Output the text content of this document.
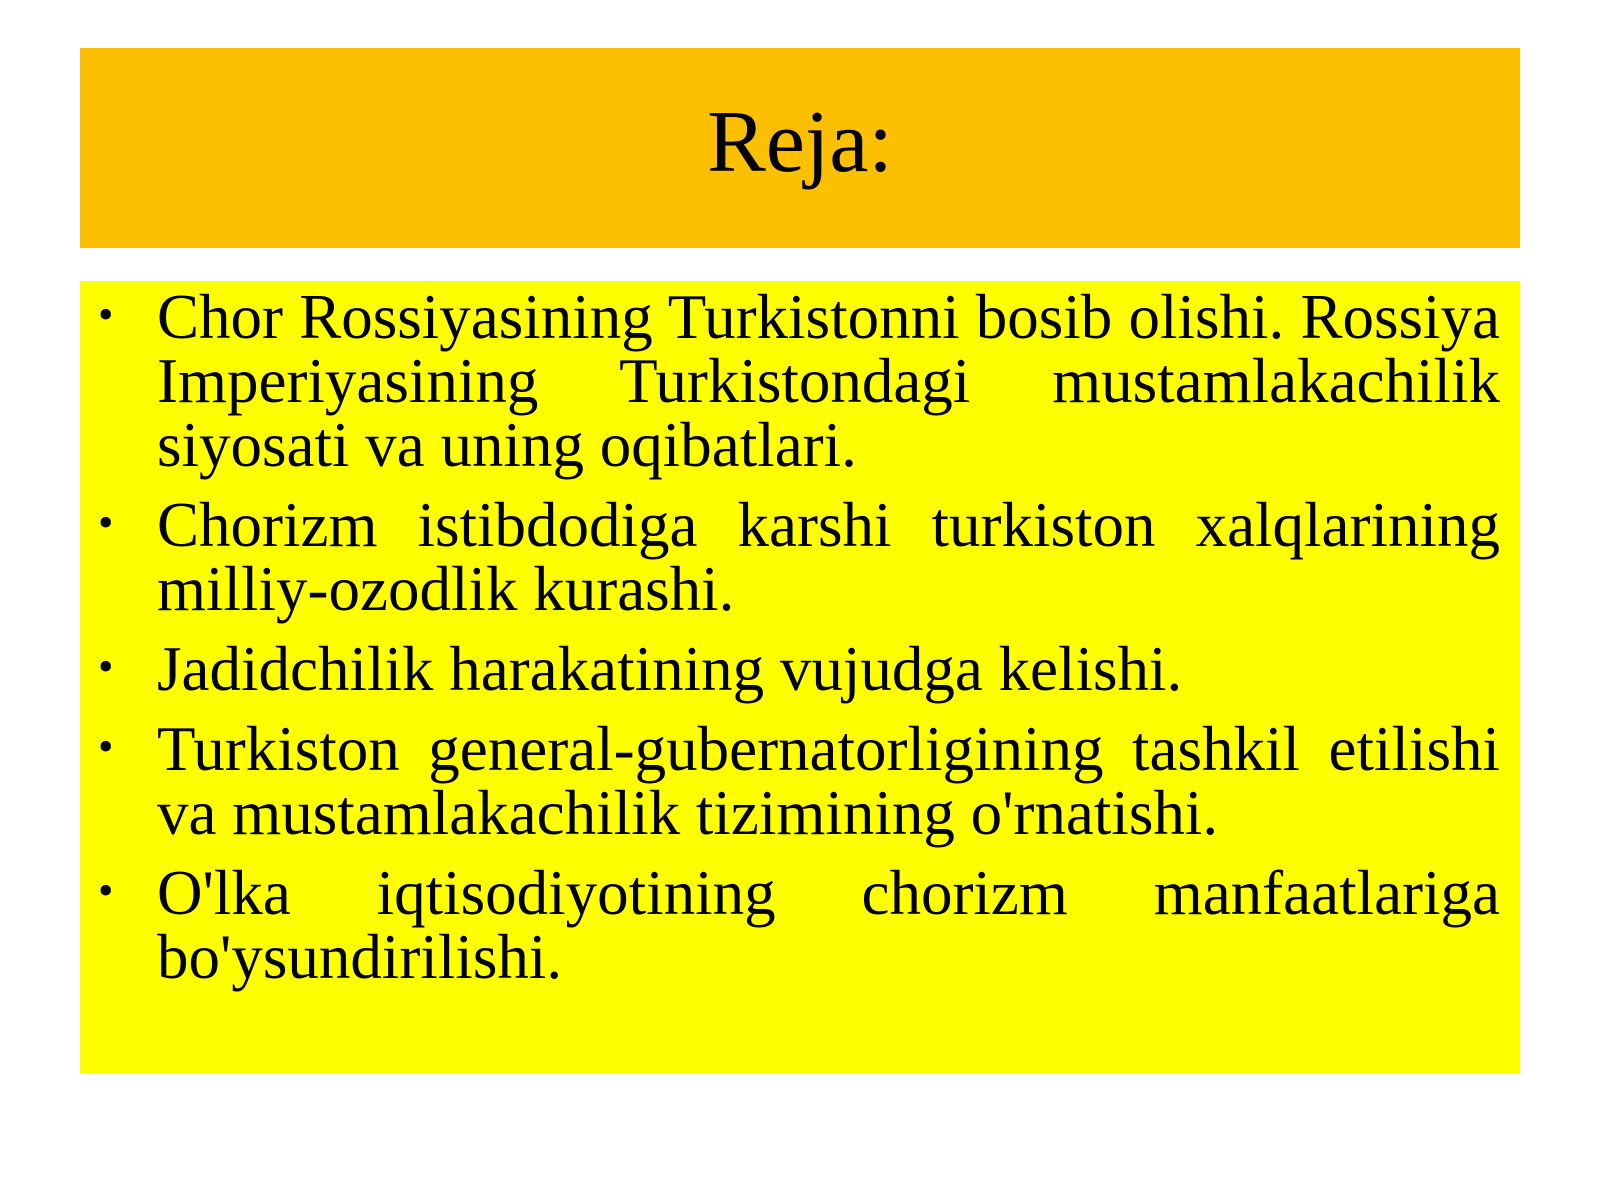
Reja:
• Chor Rossiyasining Turkistonni bosib olishi. Rossiya Imperiyasining Turkistondagi mustamlakachilik siyosati va uning oqibatlari.
• Chorizm istibdodiga karshi turkiston xalqlarining milliy-ozodlik kurashi.
• Jadidchilik harakatining vujudga kelishi.
• Turkiston general-gubernatorligining tashkil etilishi va mustamlakachilik tizimining o'rnatishi.
• O'lka iqtisodiyotining chorizm manfaatlariga bo'ysundirilishi.
